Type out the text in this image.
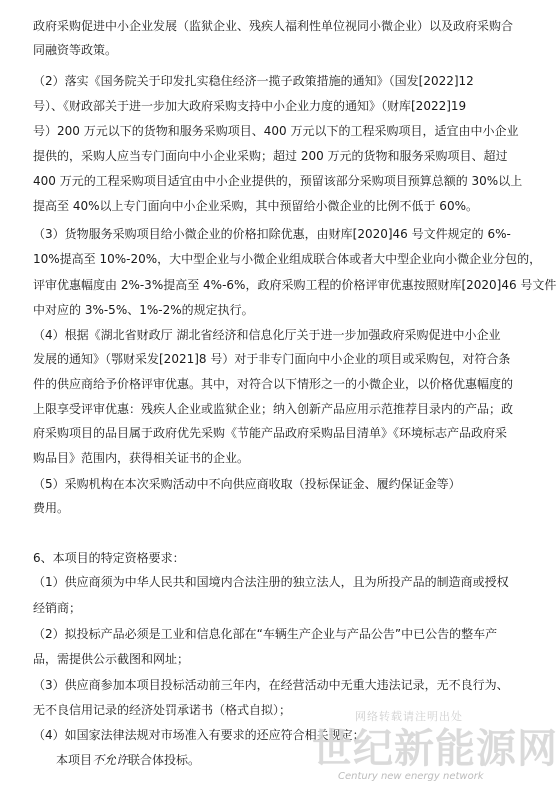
政府采购促进中小企业发展（监狱企业、残疾人福利性单位视同小微企业）以及政府采购合
同融资等政策。
（2）落实《国务院关于印发扎实稳住经济一揽子政策措施的通知》（国发[2022]12
号）、《财政部关于进一步加大政府采购支持中小企业力度的通知》（财库[2022]19
号）200 万元以下的货物和服务采购项目、400 万元以下的工程采购项目，适宜由中小企业
提供的，采购人应当专门面向中小企业采购；超过 200 万元的货物和服务采购项目、超过
400 万元的工程采购项目适宜由中小企业提供的，预留该部分采购项目预算总额的 30%以上
提高至 40%以上专门面向中小企业采购，其中预留给小微企业的比例不低于 60%。
（3）货物服务采购项目给小微企业的价格扣除优惠，由财库[2020]46 号文件规定的 6%-
10%提高至 10%-20%，大中型企业与小微企业组成联合体或者大中型企业向小微企业分包的，
评审优惠幅度由 2%-3%提高至 4%-6%，政府采购工程的价格评审优惠按照财库[2020]46 号文件
中对应的 3%-5%、1%-2%的规定执行。
（4）根据《湖北省财政厅 湖北省经济和信息化厅关于进一步加强政府采购促进中小企业
发展的通知》（鄂财采发[2021]8 号）对于非专门面向中小企业的项目或采购包，对符合条
件的供应商给予价格评审优惠。其中，对符合以下情形之一的小微企业，以价格优惠幅度的
上限享受评审优惠：残疾人企业或监狱企业；纳入创新产品应用示范推荐目录内的产品；政
府采购项目的品目属于政府优先采购《节能产品政府采购品目清单》《环境标志产品政府采
购品目》范围内，获得相关证书的企业。
（5）采购机构在本次采购活动中不向供应商收取（投标保证金、履约保证金等）
费用。
6、本项目的特定资格要求：
（1）供应商须为中华人民共和国境内合法注册的独立法人，且为所投产品的制造商或授权
经销商；
（2）拟投标产品必须是工业和信息化部在“车辆生产企业与产品公告”中已公告的整车产
品，需提供公示截图和网址；
（3）供应商参加本项目投标活动前三年内，在经营活动中无重大违法记录，无不良行为、
无不良信用记录的经济处罚承诺书（格式自拟）；
（4）如国家法律法规对市场准入有要求的还应符合相关规定；
本项目不允许联合体投标。
网络转载请注明出处
世纪新能源网
Century new energy network
